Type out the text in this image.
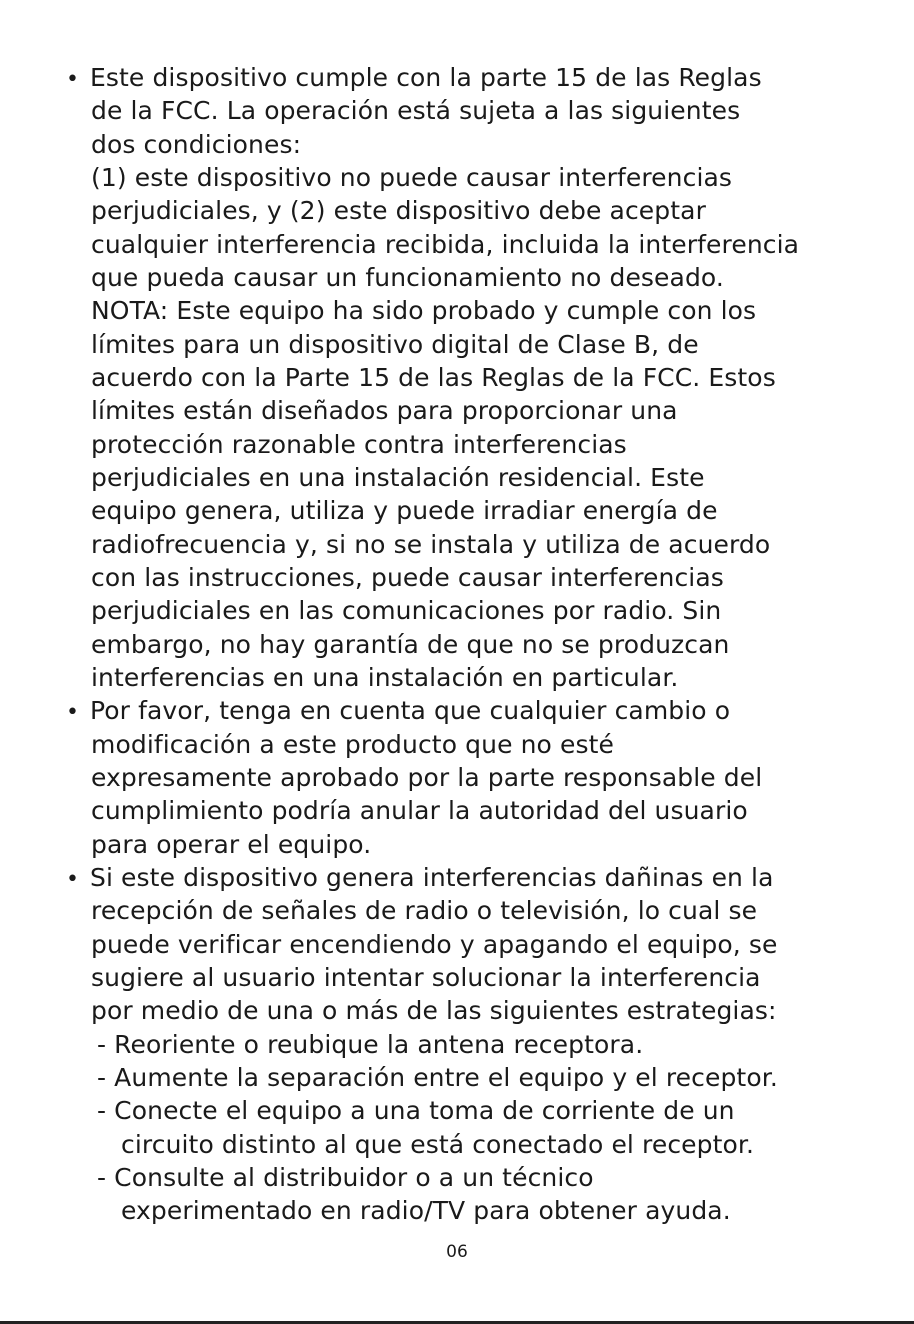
• Este dispositivo cumple con la parte 15 de las Reglas
de la FCC. La operación está sujeta a las siguientes
dos condiciones:
(1) este dispositivo no puede causar interferencias
perjudiciales, y (2) este dispositivo debe aceptar
cualquier interferencia recibida, incluida la interferencia
que pueda causar un funcionamiento no deseado.
NOTA: Este equipo ha sido probado y cumple con los
límites para un dispositivo digital de Clase B, de
acuerdo con la Parte 15 de las Reglas de la FCC. Estos
límites están diseñados para proporcionar una
protección razonable contra interferencias
perjudiciales en una instalación residencial. Este
equipo genera, utiliza y puede irradiar energía de
radiofrecuencia y, si no se instala y utiliza de acuerdo
con las instrucciones, puede causar interferencias
perjudiciales en las comunicaciones por radio. Sin
embargo, no hay garantía de que no se produzcan
interferencias en una instalación en particular.
• Por favor, tenga en cuenta que cualquier cambio o
modificación a este producto que no esté
expresamente aprobado por la parte responsable del
cumplimiento podría anular la autoridad del usuario
para operar el equipo.
• Si este dispositivo genera interferencias dañinas en la
recepción de señales de radio o televisión, lo cual se
puede verificar encendiendo y apagando el equipo, se
sugiere al usuario intentar solucionar la interferencia
por medio de una o más de las siguientes estrategias:
- Reoriente o reubique la antena receptora.
- Aumente la separación entre el equipo y el receptor.
- Conecte el equipo a una toma de corriente de un
circuito distinto al que está conectado el receptor.
- Consulte al distribuidor o a un técnico
experimentado en radio/TV para obtener ayuda.
06
